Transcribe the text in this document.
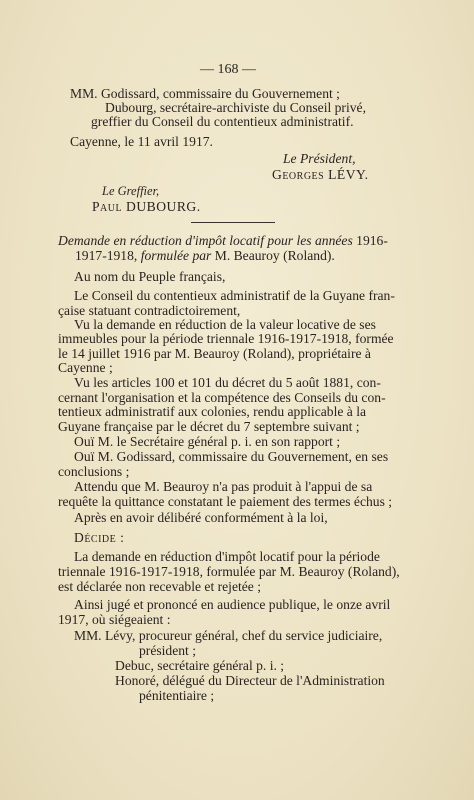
— 168 —
MM. Godissard, commissaire du Gouvernement ;
Dubourg, secrétaire-archiviste du Conseil privé,
greffier du Conseil du contentieux administratif.
Cayenne, le 11 avril 1917.
Le Président,
Georges LÉVY.
Le Greffier,
Paul DUBOURG.
Demande en réduction d'impôt locatif pour les années 1916-
1917-1918, formulée par M. Beauroy (Roland).
Au nom du Peuple français,
Le Conseil du contentieux administratif de la Guyane fran-
çaise statuant contradictoirement,
Vu la demande en réduction de la valeur locative de ses
immeubles pour la période triennale 1916-1917-1918, formée
le 14 juillet 1916 par M. Beauroy (Roland), propriétaire à
Cayenne ;
Vu les articles 100 et 101 du décret du 5 août 1881, con-
cernant l'organisation et la compétence des Conseils du con-
tentieux administratif aux colonies, rendu applicable à la
Guyane française par le décret du 7 septembre suivant ;
Ouï M. le Secrétaire général p. i. en son rapport ;
Ouï M. Godissard, commissaire du Gouvernement, en ses
conclusions ;
Attendu que M. Beauroy n'a pas produit à l'appui de sa
requête la quittance constatant le paiement des termes échus ;
Après en avoir délibéré conformément à la loi,
Décide :
La demande en réduction d'impôt locatif pour la période
triennale 1916-1917-1918, formulée par M. Beauroy (Roland),
est déclarée non recevable et rejetée ;
Ainsi jugé et prononcé en audience publique, le onze avril
1917, où siégeaient :
MM. Lévy, procureur général, chef du service judiciaire,
président ;
Debuc, secrétaire général p. i. ;
Honoré, délégué du Directeur de l'Administration
pénitentiaire ;
